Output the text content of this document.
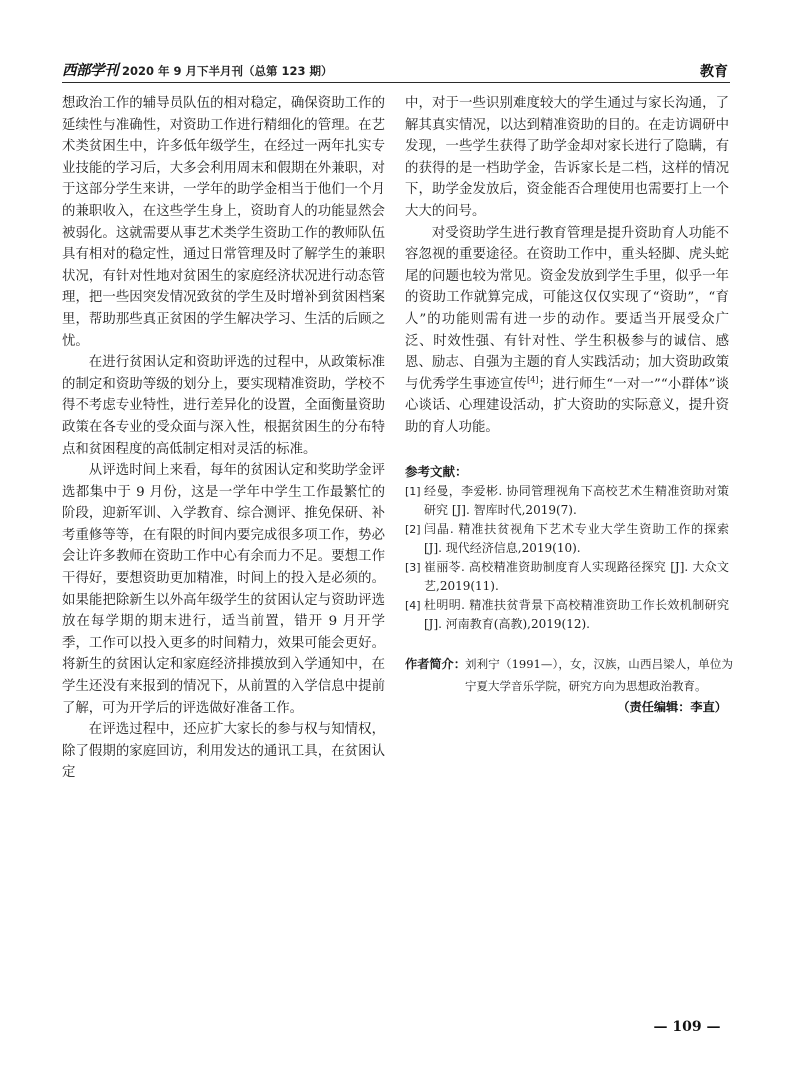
西部学刊 2020 年 9 月下半月刊（总第 123 期）	教育

想政治工作的辅导员队伍的相对稳定，确保资助工作的延续性与准确性，对资助工作进行精细化的管理。在艺术类贫困生中，许多低年级学生，在经过一两年扎实专业技能的学习后，大多会利用周末和假期在外兼职，对于这部分学生来讲，一学年的助学金相当于他们一个月的兼职收入，在这些学生身上，资助育人的功能显然会被弱化。这就需要从事艺术类学生资助工作的教师队伍具有相对的稳定性，通过日常管理及时了解学生的兼职状况，有针对性地对贫困生的家庭经济状况进行动态管理，把一些因突发情况致贫的学生及时增补到贫困档案里，帮助那些真正贫困的学生解决学习、生活的后顾之忧。

在进行贫困认定和资助评选的过程中，从政策标准的制定和资助等级的划分上，要实现精准资助，学校不得不考虑专业特性，进行差异化的设置，全面衡量资助政策在各专业的受众面与深入性，根据贫困生的分布特点和贫困程度的高低制定相对灵活的标准。

从评选时间上来看，每年的贫困认定和奖助学金评选都集中于 9 月份，这是一学年中学生工作最繁忙的阶段，迎新军训、入学教育、综合测评、推免保研、补考重修等等，在有限的时间内要完成很多项工作，势必会让许多教师在资助工作中心有余而力不足。要想工作干得好，要想资助更加精准，时间上的投入是必须的。如果能把除新生以外高年级学生的贫困认定与资助评选放在每学期的期末进行，适当前置，错开 9 月开学季，工作可以投入更多的时间精力，效果可能会更好。将新生的贫困认定和家庭经济排摸放到入学通知中，在学生还没有来报到的情况下，从前置的入学信息中提前了解，可为开学后的评选做好准备工作。

在评选过程中，还应扩大家长的参与权与知情权，除了假期的家庭回访，利用发达的通讯工具，在贫困认定

中，对于一些识别难度较大的学生通过与家长沟通，了解其真实情况，以达到精准资助的目的。在走访调研中发现，一些学生获得了助学金却对家长进行了隐瞒，有的获得的是一档助学金，告诉家长是二档，这样的情况下，助学金发放后，资金能否合理使用也需要打上一个大大的问号。

对受资助学生进行教育管理是提升资助育人功能不容忽视的重要途径。在资助工作中，重头轻脚、虎头蛇尾的问题也较为常见。资金发放到学生手里，似乎一年的资助工作就算完成，可能这仅仅实现了“资助”，“育人”的功能则需有进一步的动作。要适当开展受众广泛、时效性强、有针对性、学生积极参与的诚信、感恩、励志、自强为主题的育人实践活动；加大资助政策与优秀学生事迹宣传[4]；进行师生“一对一”“小群体”谈心谈话、心理建设活动，扩大资助的实际意义，提升资助的育人功能。

参考文献：
[1] 经曼，李爱彬. 协同管理视角下高校艺术生精准资助对策研究 [J]. 智库时代,2019(7).
[2] 闫晶. 精准扶贫视角下艺术专业大学生资助工作的探索 [J]. 现代经济信息,2019(10).
[3] 崔丽苓. 高校精准资助制度育人实现路径探究 [J]. 大众文艺,2019(11).
[4] 杜明明. 精准扶贫背景下高校精准资助工作长效机制研究 [J]. 河南教育(高教),2019(12).
作者简介： 刘利宁（1991—），女，汉族，山西吕梁人，单位为宁夏大学音乐学院，研究方向为思想政治教育。
（责任编辑：李直）
— 109 —
